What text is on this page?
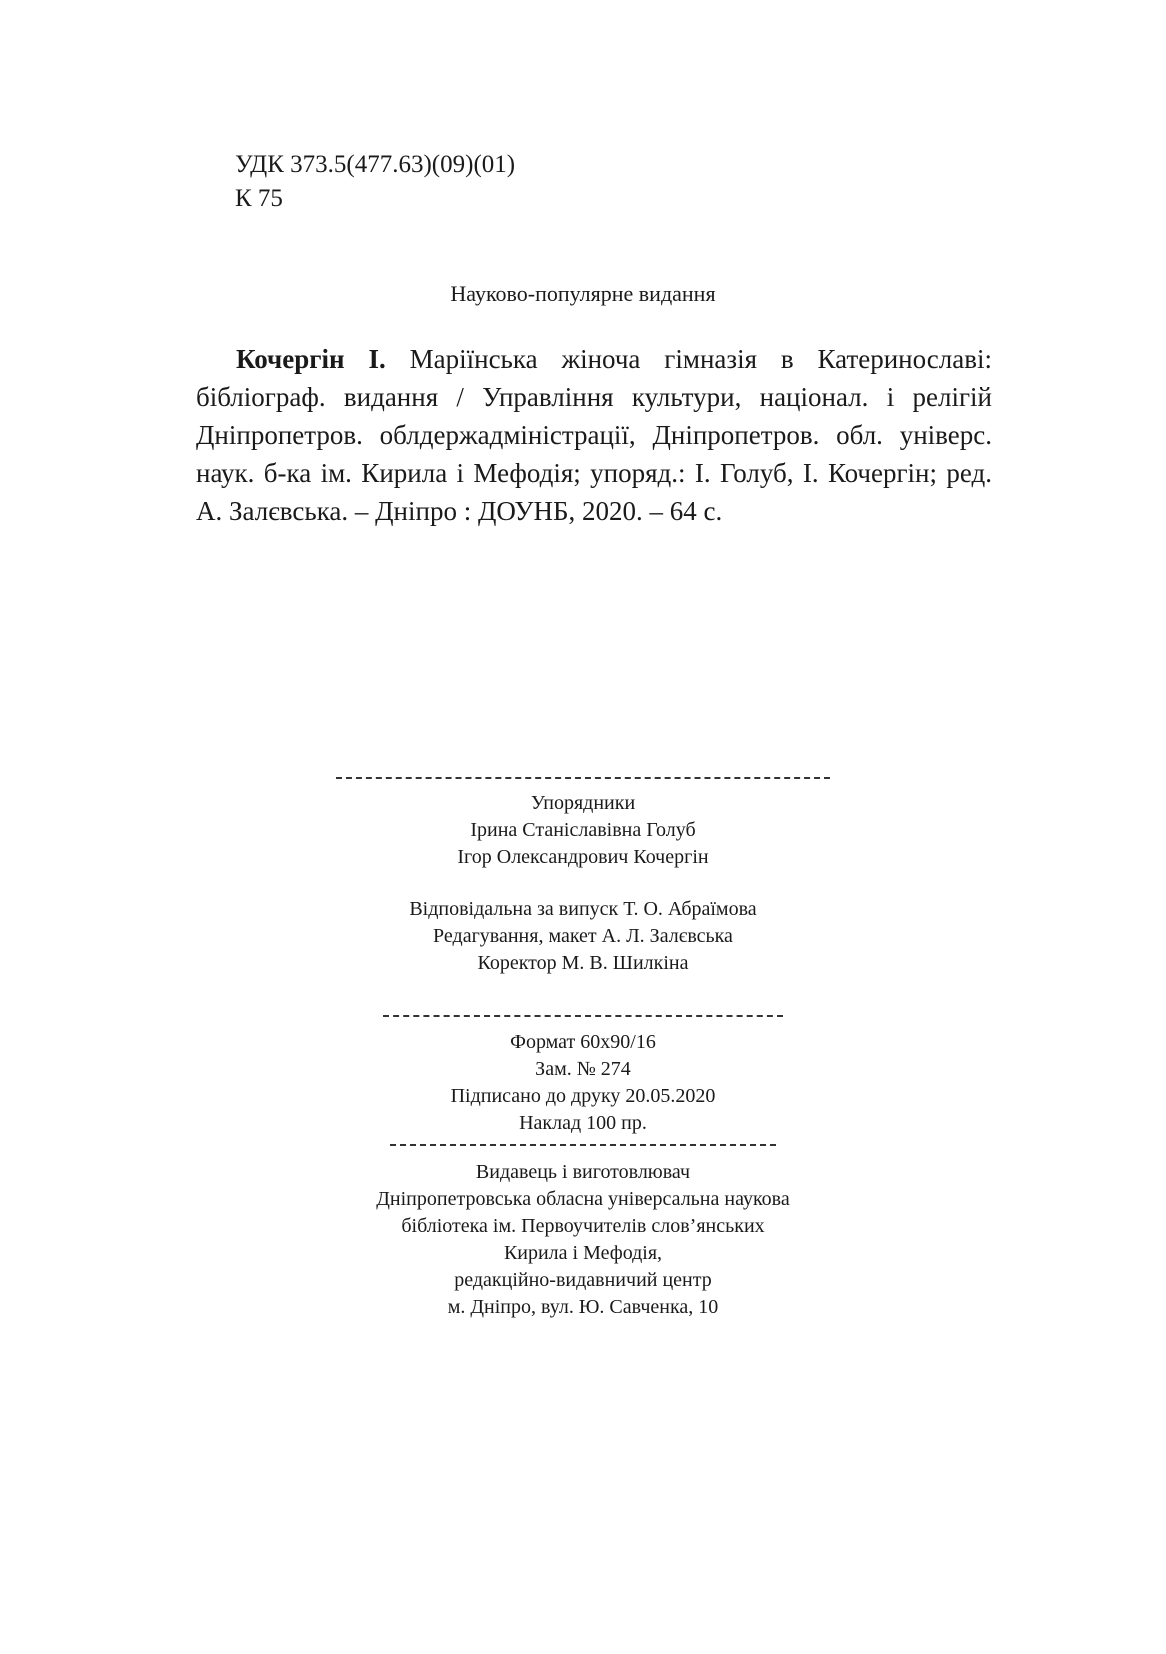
УДК 373.5(477.63)(09)(01)
К 75
Науково-популярне видання
Кочергін І. Маріїнська жіноча гімназія в Катеринославі: бібліограф. видання / Управління культури, націонал. і релігій Дніпропетров. облдержадміністрації, Дніпропетров. обл. універс. наук. б-ка ім. Кирила і Мефодія; упоряд.: І. Голуб, І. Кочергін; ред. А. Залєвська. – Дніпро : ДОУНБ, 2020. – 64 с.
Упорядники
Ірина Станіславівна Голуб
Ігор Олександрович Кочергін
Відповідальна за випуск Т. О. Абраїмова
Редагування, макет А. Л. Залєвська
Коректор М. В. Шилкіна
Формат 60х90/16
Зам. № 274
Підписано до друку 20.05.2020
Наклад 100 пр.
Видавець і виготовлювач
Дніпропетровська обласна універсальна наукова
бібліотека ім. Первоучителів слов’янських
Кирила і Мефодія,
редакційно-видавничий центр
м. Дніпро, вул. Ю. Савченка, 10
